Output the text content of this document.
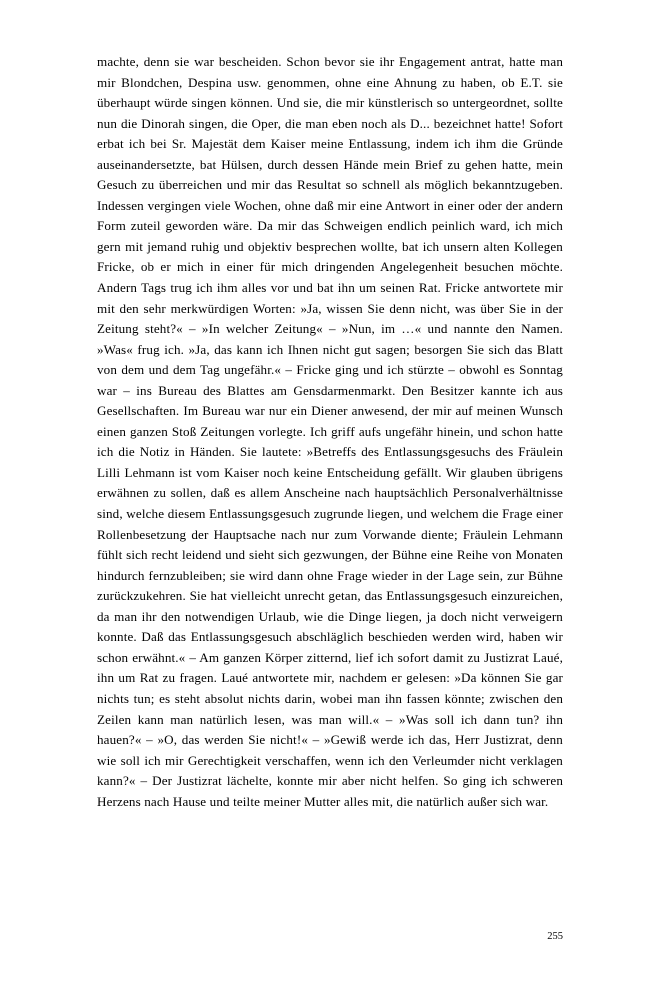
machte, denn sie war bescheiden. Schon bevor sie ihr Engagement antrat, hatte man mir Blondchen, Despina usw. genommen, ohne eine Ahnung zu haben, ob E.T. sie überhaupt würde singen können. Und sie, die mir künstlerisch so untergeordnet, sollte nun die Dinorah singen, die Oper, die man eben noch als D... bezeichnet hatte! Sofort erbat ich bei Sr. Majestät dem Kaiser meine Entlassung, indem ich ihm die Gründe auseinandersetzte, bat Hülsen, durch dessen Hände mein Brief zu gehen hatte, mein Gesuch zu überreichen und mir das Resultat so schnell als möglich bekanntzugeben. Indessen vergingen viele Wochen, ohne daß mir eine Antwort in einer oder der andern Form zuteil geworden wäre. Da mir das Schweigen endlich peinlich ward, ich mich gern mit jemand ruhig und objektiv besprechen wollte, bat ich unsern alten Kollegen Fricke, ob er mich in einer für mich dringenden Angelegenheit besuchen möchte. Andern Tags trug ich ihm alles vor und bat ihn um seinen Rat. Fricke antwortete mir mit den sehr merkwürdigen Worten: »Ja, wissen Sie denn nicht, was über Sie in der Zeitung steht?« – »In welcher Zeitung« – »Nun, im …« und nannte den Namen. »Was« frug ich. »Ja, das kann ich Ihnen nicht gut sagen; besorgen Sie sich das Blatt von dem und dem Tag ungefähr.« – Fricke ging und ich stürzte – obwohl es Sonntag war – ins Bureau des Blattes am Gensdarmenmarkt. Den Besitzer kannte ich aus Gesellschaften. Im Bureau war nur ein Diener anwesend, der mir auf meinen Wunsch einen ganzen Stoß Zeitungen vorlegte. Ich griff aufs ungefähr hinein, und schon hatte ich die Notiz in Händen. Sie lautete: »Betreffs des Entlassungsgesuchs des Fräulein Lilli Lehmann ist vom Kaiser noch keine Entscheidung gefällt. Wir glauben übrigens erwähnen zu sollen, daß es allem Anscheine nach hauptsächlich Personalverhältnisse sind, welche diesem Entlassungsgesuch zugrunde liegen, und welchem die Frage einer Rollenbesetzung der Hauptsache nach nur zum Vorwande diente; Fräulein Lehmann fühlt sich recht leidend und sieht sich gezwungen, der Bühne eine Reihe von Monaten hindurch fernzubleiben; sie wird dann ohne Frage wieder in der Lage sein, zur Bühne zurückzukehren. Sie hat vielleicht unrecht getan, das Entlassungsgesuch einzureichen, da man ihr den notwendigen Urlaub, wie die Dinge liegen, ja doch nicht verweigern konnte. Daß das Entlassungsgesuch abschläglich beschieden werden wird, haben wir schon erwähnt.« – Am ganzen Körper zitternd, lief ich sofort damit zu Justizrat Laué, ihn um Rat zu fragen. Laué antwortete mir, nachdem er gelesen: »Da können Sie gar nichts tun; es steht absolut nichts darin, wobei man ihn fassen könnte; zwischen den Zeilen kann man natürlich lesen, was man will.« – »Was soll ich dann tun? ihn hauen?« – »O, das werden Sie nicht!« – »Gewiß werde ich das, Herr Justizrat, denn wie soll ich mir Gerechtigkeit verschaffen, wenn ich den Verleumder nicht verklagen kann?« – Der Justizrat lächelte, konnte mir aber nicht helfen. So ging ich schweren Herzens nach Hause und teilte meiner Mutter alles mit, die natürlich außer sich war.

255
